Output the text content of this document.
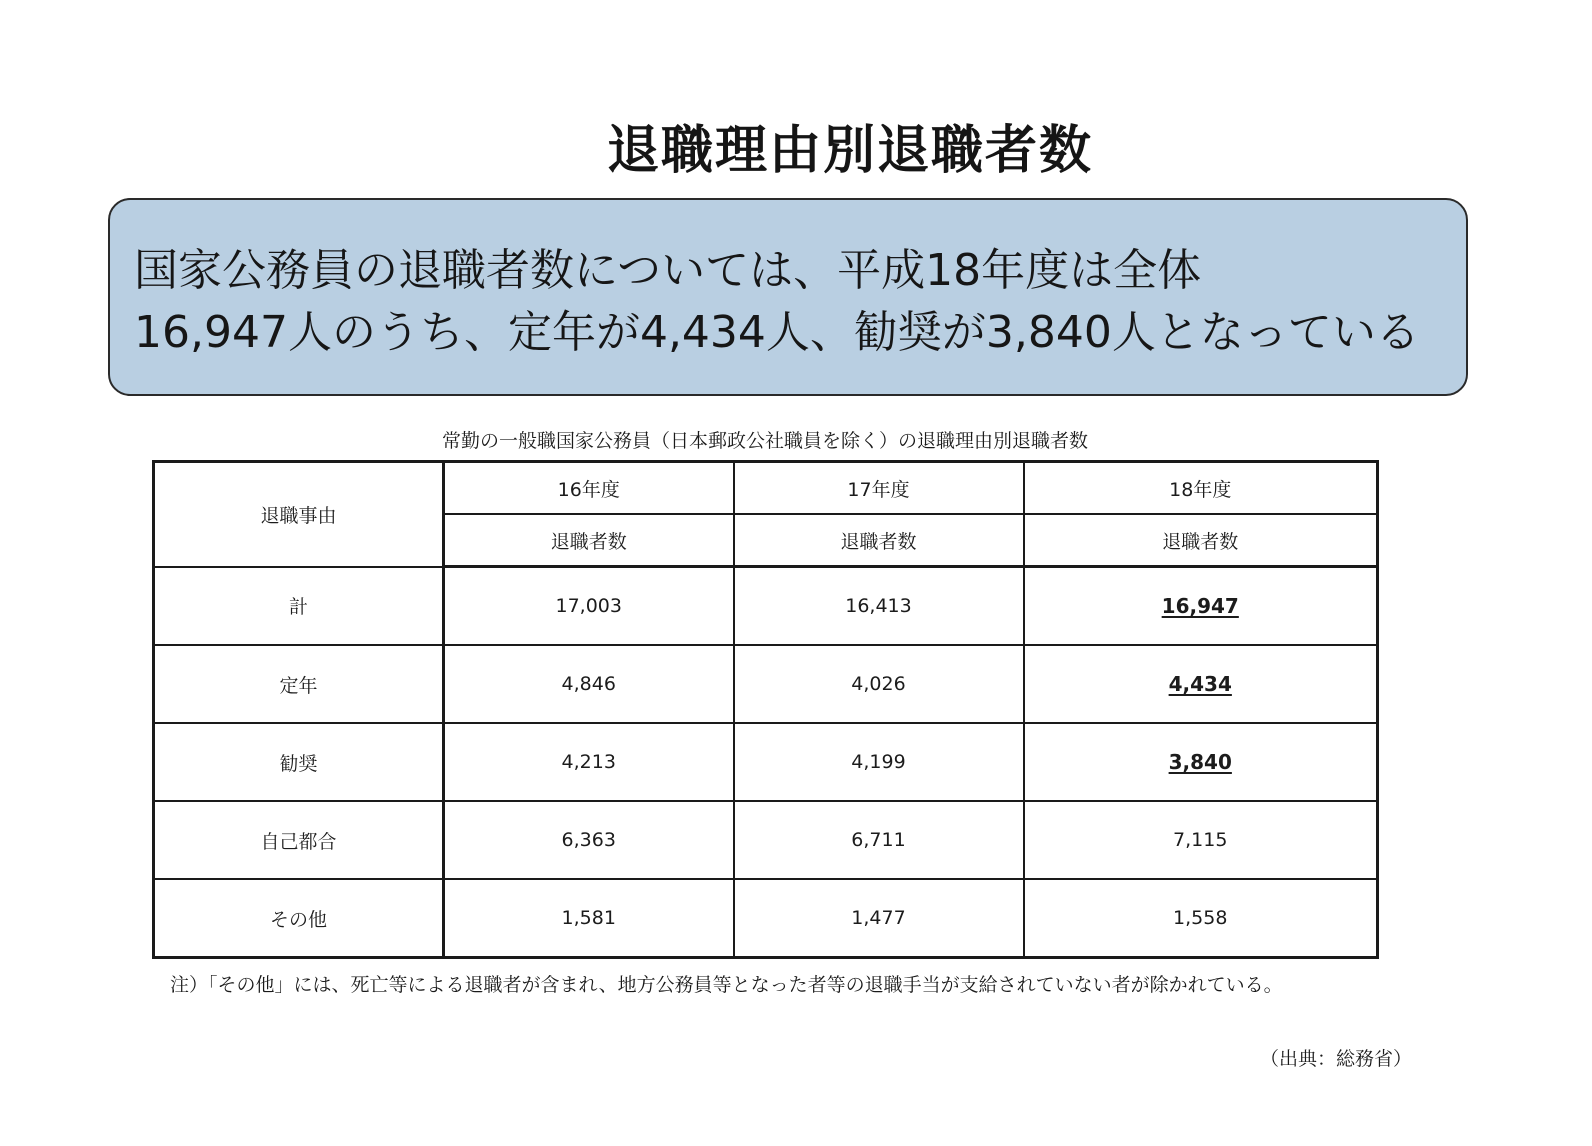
退職理由別退職者数
国家公務員の退職者数については、平成18年度は全体
16,947人のうち、定年が4,434人、勧奨が3,840人となっている
常勤の一般職国家公務員（日本郵政公社職員を除く）の退職理由別退職者数
退職事由	16年度	17年度	18年度
	退職者数	退職者数	退職者数
計	17,003	16,413	16,947
定年	4,846	4,026	4,434
勧奨	4,213	4,199	3,840
自己都合	6,363	6,711	7,115
その他	1,581	1,477	1,558
注）「その他」には、死亡等による退職者が含まれ、地方公務員等となった者等の退職手当が支給されていない者が除かれている。
（出典：総務省）
